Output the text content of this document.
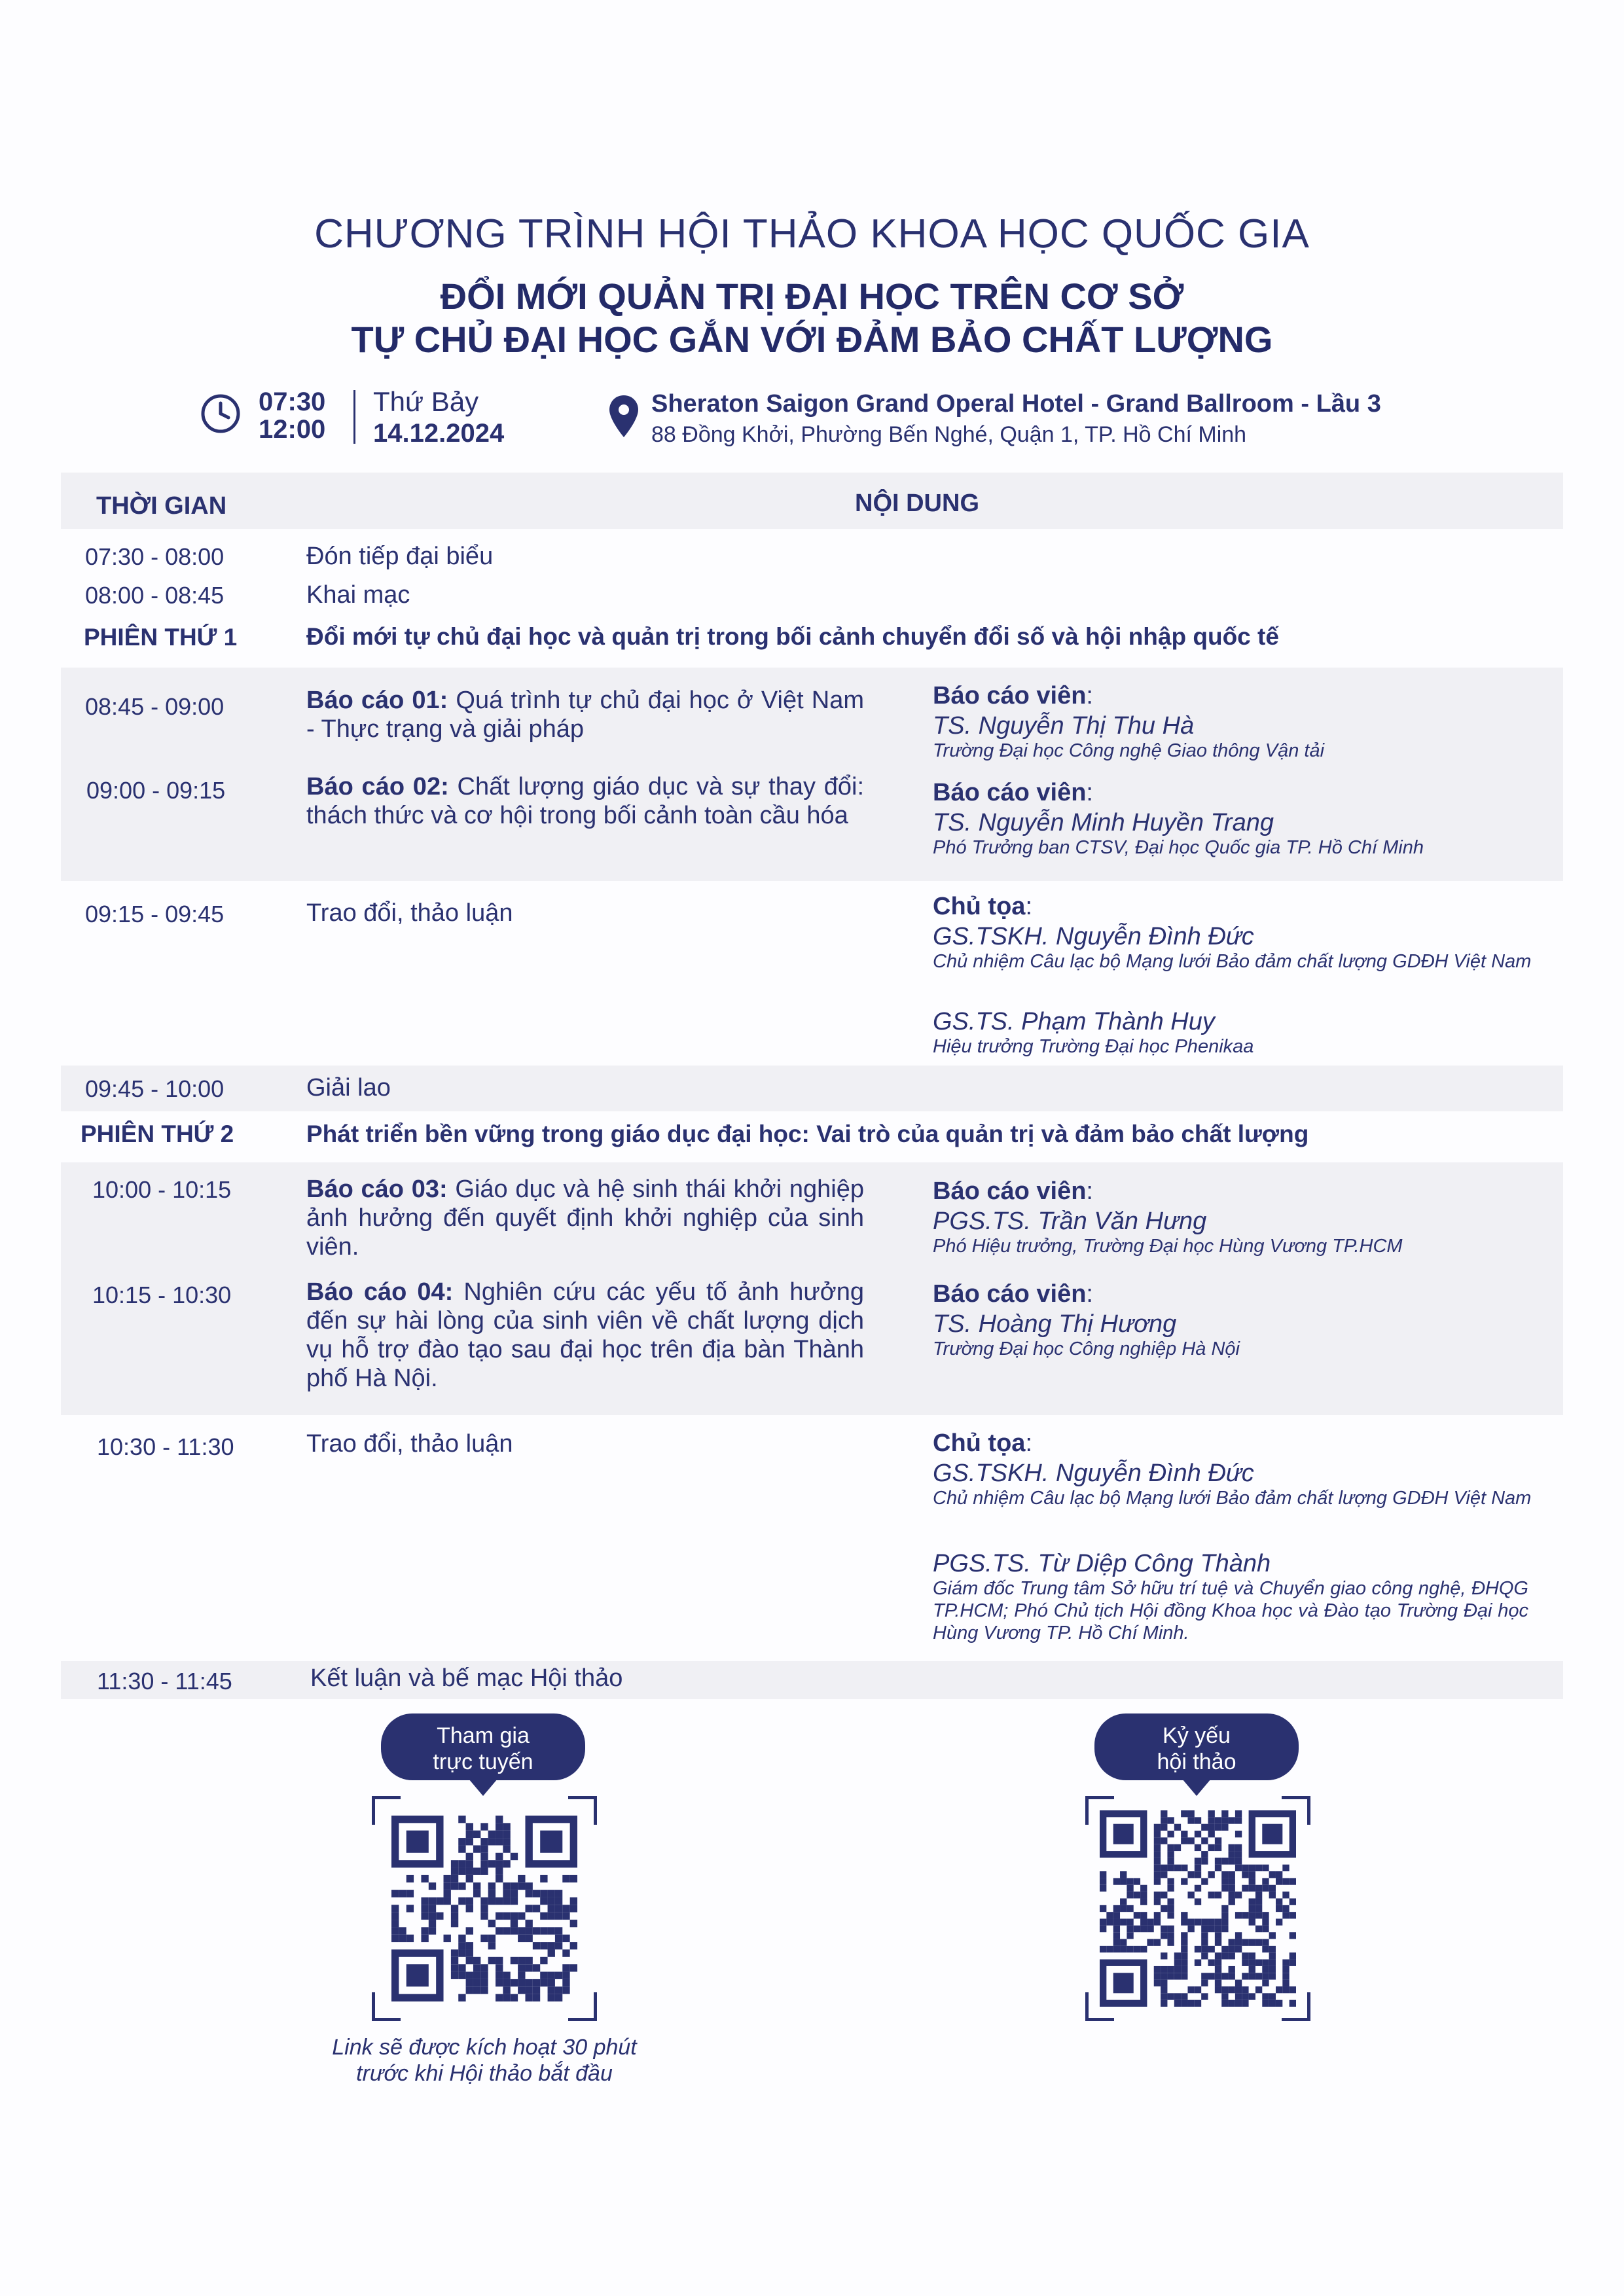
CHƯƠNG TRÌNH HỘI THẢO KHOA HỌC QUỐC GIA
ĐỔI MỚI QUẢN TRỊ ĐẠI HỌC TRÊN CƠ SỞ
TỰ CHỦ ĐẠI HỌC GẮN VỚI ĐẢM BẢO CHẤT LƯỢNG
07:30
12:00
Thứ Bảy
14.12.2024
Sheraton Saigon Grand Operal Hotel - Grand Ballroom - Lầu 3
88 Đồng Khởi, Phường Bến Nghé, Quận 1, TP. Hồ Chí Minh
THỜI GIAN	NỘI DUNG
07:30 - 08:00	Đón tiếp đại biểu
08:00 - 08:45	Khai mạc
PHIÊN THỨ 1	Đổi mới tự chủ đại học và quản trị trong bối cảnh chuyển đổi số và hội nhập quốc tế
08:45 - 09:00	Báo cáo 01: Quá trình tự chủ đại học ở Việt Nam - Thực trạng và giải pháp
Báo cáo viên:
TS. Nguyễn Thị Thu Hà
Trường Đại học Công nghệ Giao thông Vận tải
09:00 - 09:15	Báo cáo 02: Chất lượng giáo dục và sự thay đổi: thách thức và cơ hội trong bối cảnh toàn cầu hóa
Báo cáo viên:
TS. Nguyễn Minh Huyền Trang
Phó Trưởng ban CTSV, Đại học Quốc gia TP. Hồ Chí Minh
09:15 - 09:45	Trao đổi, thảo luận	Chủ tọa:
GS.TSKH. Nguyễn Đình Đức
Chủ nhiệm Câu lạc bộ Mạng lưới Bảo đảm chất lượng GDĐH Việt Nam
GS.TS. Phạm Thành Huy
Hiệu trưởng Trường Đại học Phenikaa
09:45 - 10:00	Giải lao
PHIÊN THỨ 2	Phát triển bền vững trong giáo dục đại học: Vai trò của quản trị và đảm bảo chất lượng
10:00 - 10:15	Báo cáo 03: Giáo dục và hệ sinh thái khởi nghiệp ảnh hưởng đến quyết định khởi nghiệp của sinh viên.
Báo cáo viên:
PGS.TS. Trần Văn Hưng
Phó Hiệu trưởng, Trường Đại học Hùng Vương TP.HCM
10:15 - 10:30	Báo cáo 04: Nghiên cứu các yếu tố ảnh hưởng đến sự hài lòng của sinh viên về chất lượng dịch vụ hỗ trợ đào tạo sau đại học trên địa bàn Thành phố Hà Nội.
Báo cáo viên:
TS. Hoàng Thị Hương
Trường Đại học Công nghiệp Hà Nội
10:30 - 11:30	Trao đổi, thảo luận	Chủ tọa:
GS.TSKH. Nguyễn Đình Đức
Chủ nhiệm Câu lạc bộ Mạng lưới Bảo đảm chất lượng GDĐH Việt Nam
PGS.TS. Từ Diệp Công Thành
Giám đốc Trung tâm Sở hữu trí tuệ và Chuyển giao công nghệ, ĐHQG TP.HCM; Phó Chủ tịch Hội đồng Khoa học và Đào tạo Trường Đại học Hùng Vương TP. Hồ Chí Minh.
11:30 - 11:45	Kết luận và bế mạc Hội thảo
Tham gia
trực tuyến
Link sẽ được kích hoạt 30 phút
trước khi Hội thảo bắt đầu
Kỷ yếu
hội thảo
